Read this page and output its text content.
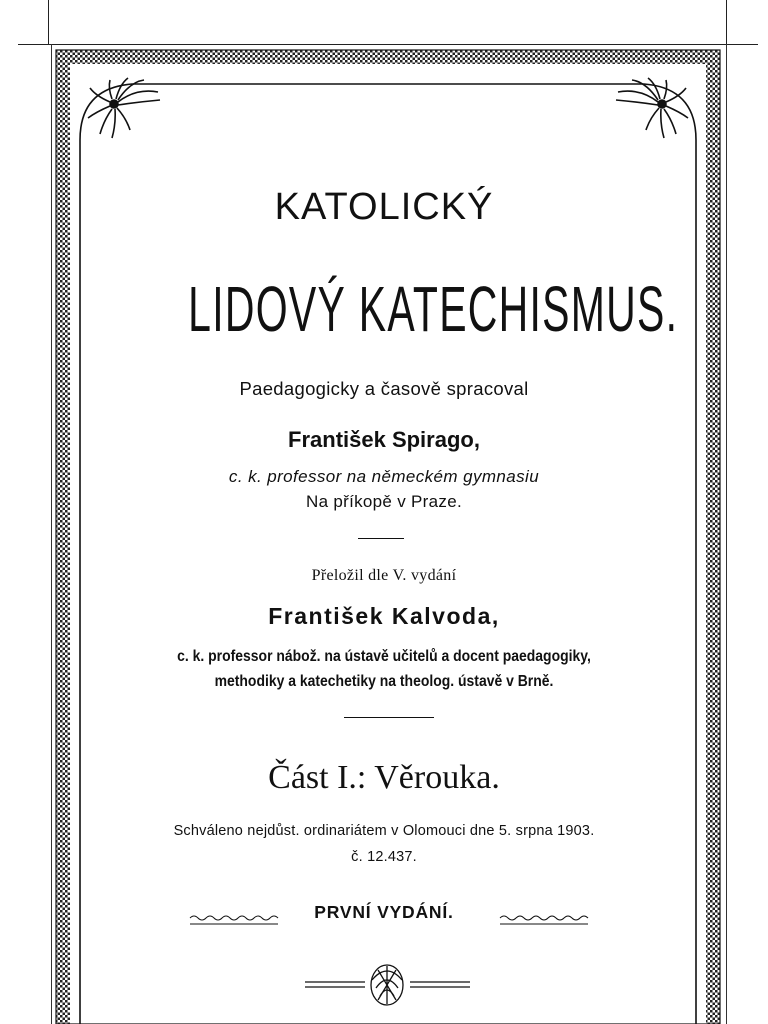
KATOLICKÝ
LIDOVÝ KATECHISMUS.
Paedagogicky a časově spracoval
František Spirago,
c. k. professor na německém gymnasiu
Na příkopě v Praze.
Přeložil dle V. vydání
František Kalvoda,
c. k. professor nábož. na ústavě učitelů a docent paedagogiky,
methodiky a katechetiky na theolog. ústavě v Brně.
Část I.: Věrouka.
Schváleno nejdůst. ordinariátem v Olomouci dne 5. srpna 1903.
č. 12.437.
PRVNÍ VYDÁNÍ.
